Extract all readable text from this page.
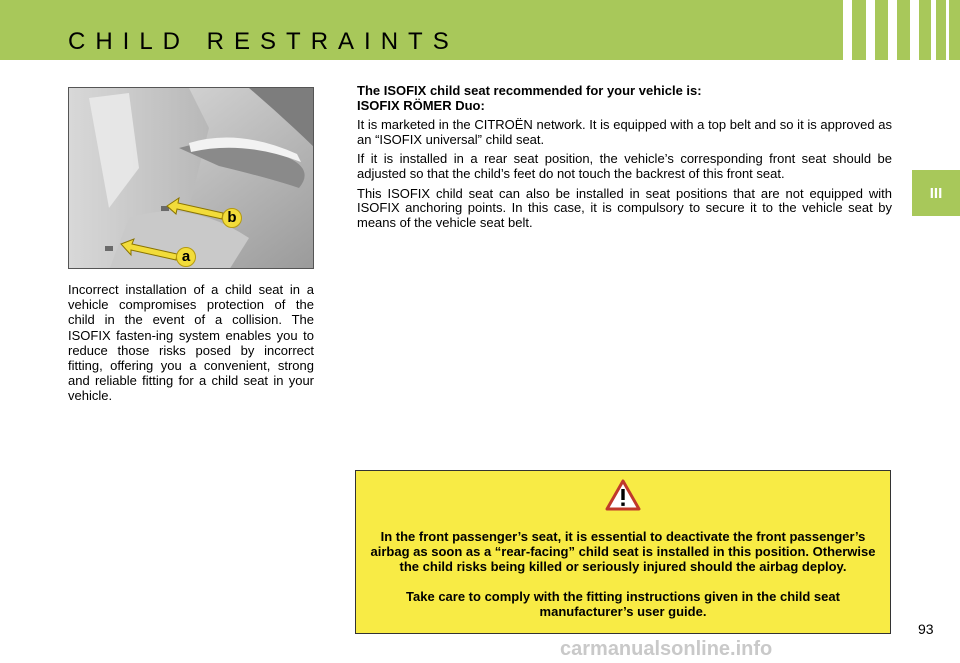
CHILD RESTRAINTS
III
b
a

Incorrect installation of a child seat in a vehicle compromises protection of the child in the event of a collision. The ISOFIX fasten-ing system enables you to reduce those risks posed by incorrect fitting, offering you a convenient, strong and reliable fitting for a child seat in your vehicle.

The ISOFIX child seat recommended for your vehicle is:
ISOFIX RÖMER Duo:

It is marketed in the CITROËN network. It is equipped with a top belt and so it is approved as an “ISOFIX universal” child seat.

If it is installed in a rear seat position, the vehicle’s corresponding front seat should be adjusted so that the child’s feet do not touch the backrest of this front seat.

This ISOFIX child seat can also be installed in seat positions that are not equipped with ISOFIX anchoring points. In this case, it is compulsory to secure it to the vehicle seat by means of the vehicle seat belt.

In the front passenger’s seat, it is essential to deactivate the front passenger’s airbag as soon as a “rear-facing” child seat is installed in this position. Otherwise the child risks being killed or seriously injured should the airbag deploy.

Take care to comply with the fitting instructions given in the child seat manufacturer’s user guide.

93
carmanualsonline.info
